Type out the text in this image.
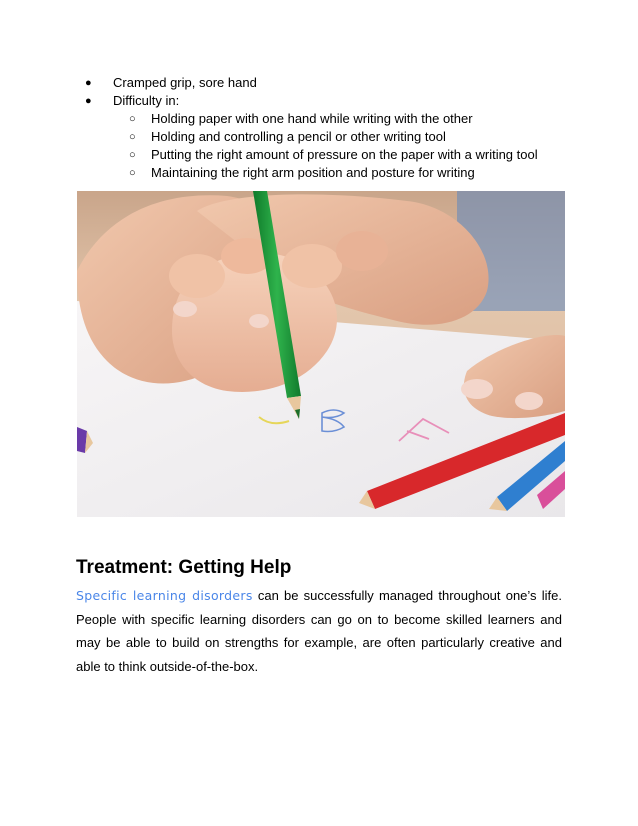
● Cramped grip, sore hand
● Difficulty in:
○ Holding paper with one hand while writing with the other
○ Holding and controlling a pencil or other writing tool
○ Putting the right amount of pressure on the paper with a writing tool
○ Maintaining the right arm position and posture for writing
Treatment: Getting Help

Specific learning disorders can be successfully managed throughout one’s life. People with specific learning disorders can go on to become skilled learners and may be able to build on strengths for example, are often particularly creative and able to think outside-of-the-box.
